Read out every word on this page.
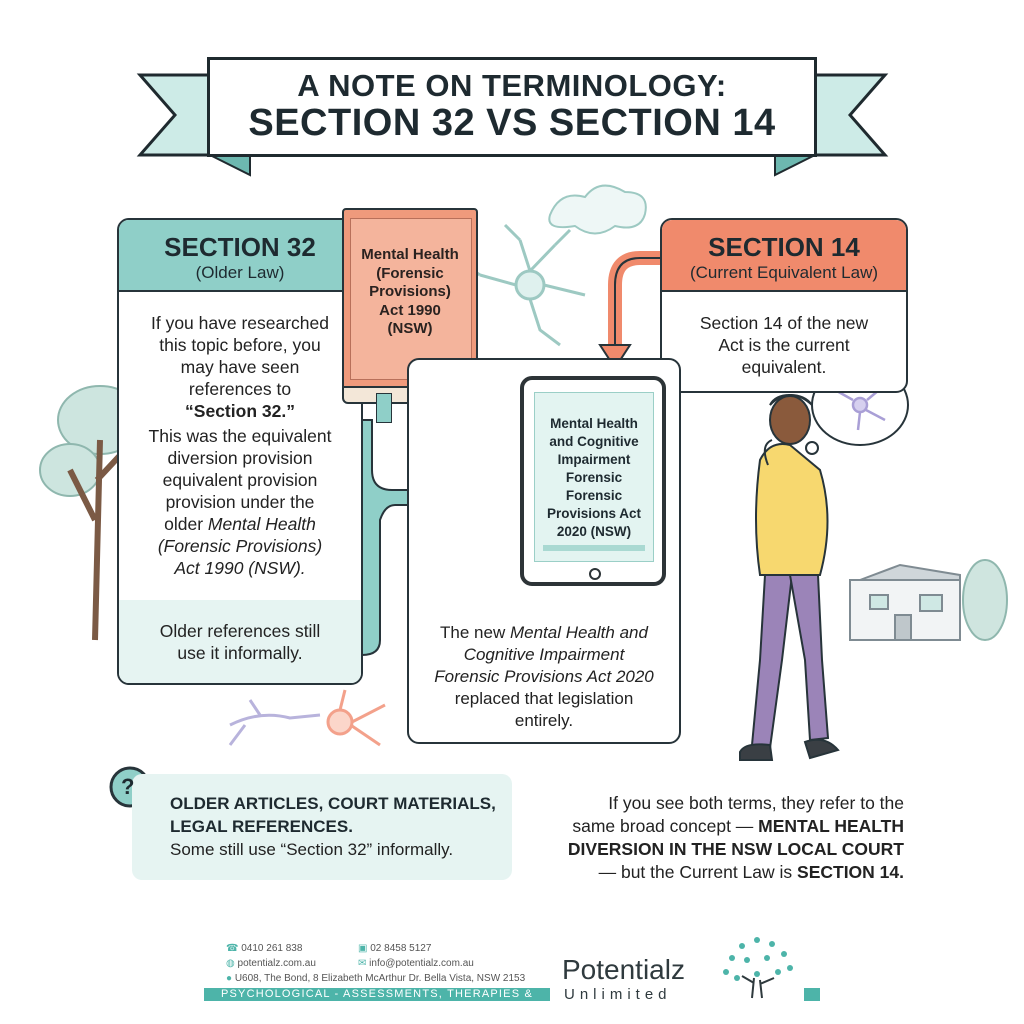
A NOTE ON TERMINOLOGY:
SECTION 32 VS SECTION 14
SECTION 32
(Older Law)
If you have researched
this topic before, you
may have seen
references to
“Section 32.”
This was the equivalent
diversion provision
equivalent provision
provision under the
older Mental Health
(Forensic Provisions)
Act 1990 (NSW).
Older references still
use it informally.
Mental Health
(Forensic
Provisions)
Act 1990
(NSW)
SECTION 14
(Current Equivalent Law)
Section 14 of the new
Act is the current
equivalent.
The new Mental Health and
Cognitive Impairment
Forensic Provisions Act 2020
replaced that legislation
entirely.
Mental Health
and Cognitive
Impairment
Forensic
Forensic
Provisions Act
2020 (NSW)
OLDER ARTICLES, COURT MATERIALS,
LEGAL REFERENCES.
Some still use “Section 32” informally.
?
If you see both terms, they refer to the
same broad concept — MENTAL HEALTH
DIVERSION IN THE NSW LOCAL COURT
— but the Current Law is SECTION 14.
☎ 0410 261 838
◍ potentialz.com.au
● U608, The Bond, 8 Elizabeth McArthur Dr. Bella Vista, NSW 2153
▣ 02 8458 5127
✉ info@potentialz.com.au
PSYCHOLOGICAL - ASSESSMENTS, THERAPIES & REPORTS
Potentialz
Unlimited
